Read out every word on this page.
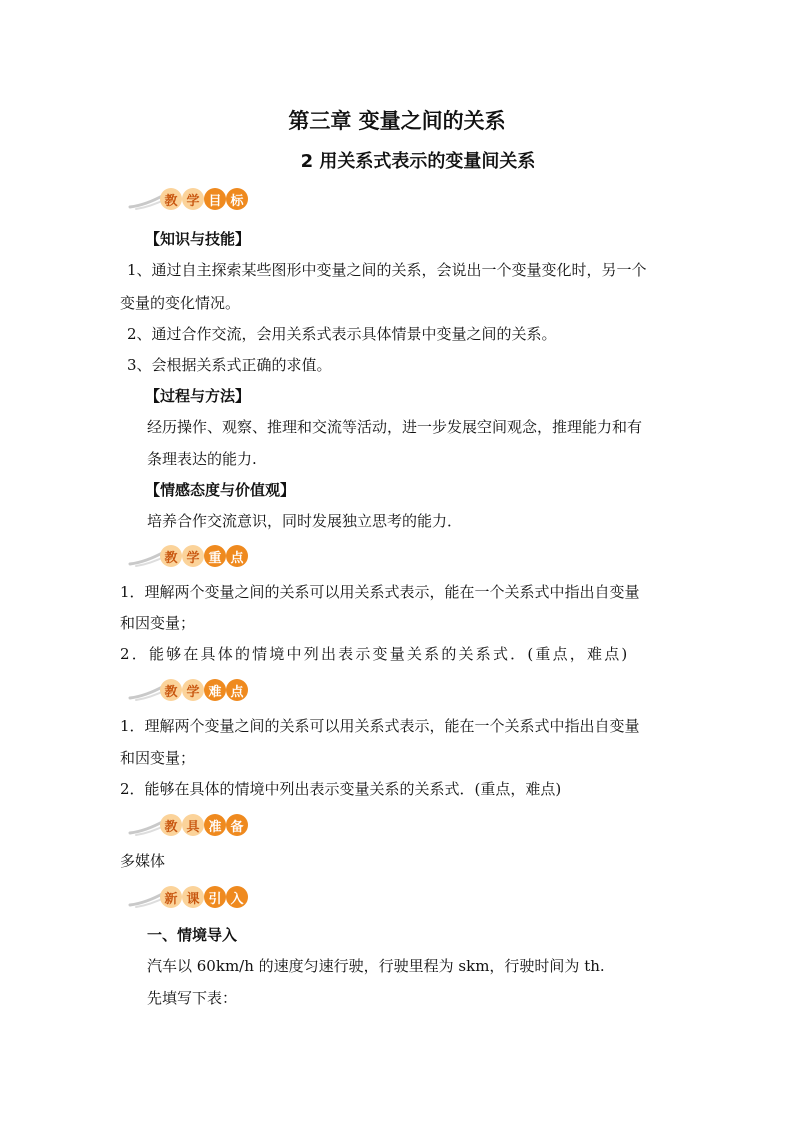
第三章 变量之间的关系
2 用关系式表示的变量间关系
教 学 目 标
【知识与技能】
1、通过自主探索某些图形中变量之间的关系，会说出一个变量变化时，另一个
变量的变化情况。
2、通过合作交流，会用关系式表示具体情景中变量之间的关系。
3、会根据关系式正确的求值。
【过程与方法】
经历操作、观察、推理和交流等活动，进一步发展空间观念，推理能力和有
条理表达的能力.
【情感态度与价值观】
培养合作交流意识，同时发展独立思考的能力．
教 学 重 点
1．理解两个变量之间的关系可以用关系式表示，能在一个关系式中指出自变量
和因变量；
2．能够在具体的情境中列出表示变量关系的关系式．(重点，难点)
教 学 难 点
1．理解两个变量之间的关系可以用关系式表示，能在一个关系式中指出自变量
和因变量；
2．能够在具体的情境中列出表示变量关系的关系式．(重点，难点)
教 具 准 备
多媒体
新 课 引 入
一、情境导入
汽车以 60km/h 的速度匀速行驶，行驶里程为 skm，行驶时间为 th.
先填写下表：
